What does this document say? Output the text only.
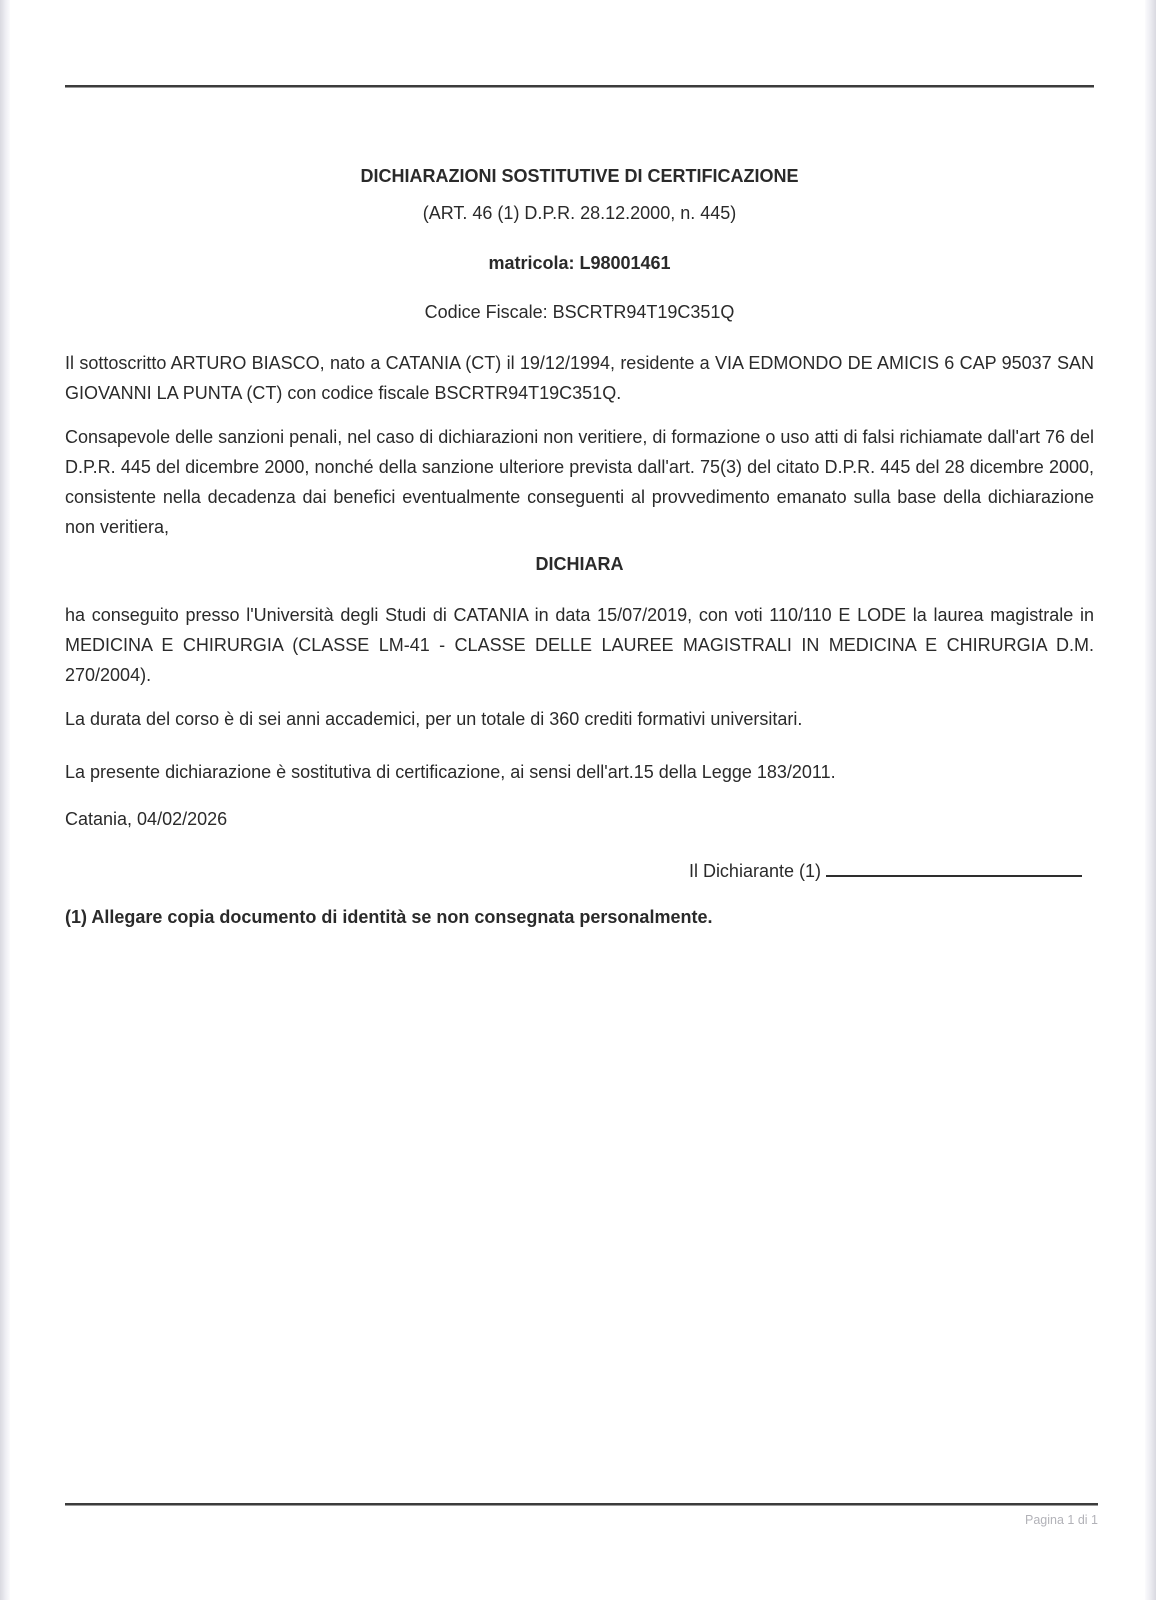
DICHIARAZIONI SOSTITUTIVE DI CERTIFICAZIONE
(ART. 46 (1) D.P.R. 28.12.2000, n. 445)
matricola: L98001461
Codice Fiscale: BSCRTR94T19C351Q

Il sottoscritto ARTURO BIASCO, nato a CATANIA (CT) il 19/12/1994, residente a VIA EDMONDO DE AMICIS 6 CAP 95037 SAN GIOVANNI LA PUNTA (CT) con codice fiscale BSCRTR94T19C351Q.

Consapevole delle sanzioni penali, nel caso di dichiarazioni non veritiere, di formazione o uso atti di falsi richiamate dall'art 76 del D.P.R. 445 del dicembre 2000, nonché della sanzione ulteriore prevista dall'art. 75(3) del citato D.P.R. 445 del 28 dicembre 2000, consistente nella decadenza dai benefici eventualmente conseguenti al provvedimento emanato sulla base della dichiarazione non veritiera,

DICHIARA

ha conseguito presso l'Università degli Studi di CATANIA in data 15/07/2019, con voti 110/110 E LODE la laurea magistrale in MEDICINA E CHIRURGIA (CLASSE LM-41 - CLASSE DELLE LAUREE MAGISTRALI IN MEDICINA E CHIRURGIA D.M. 270/2004).

La durata del corso è di sei anni accademici, per un totale di 360 crediti formativi universitari.

La presente dichiarazione è sostitutiva di certificazione, ai sensi dell'art.15 della Legge 183/2011.

Catania, 04/02/2026
Il Dichiarante (1)

(1) Allegare copia documento di identità se non consegnata personalmente.

Pagina 1 di 1
